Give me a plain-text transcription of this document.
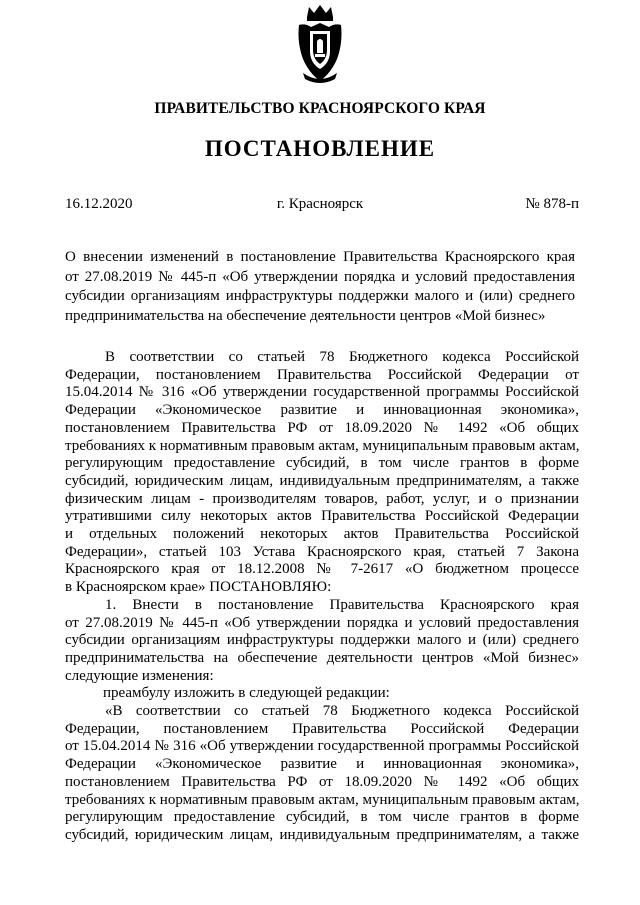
ПРАВИТЕЛЬСТВО КРАСНОЯРСКОГО КРАЯ
ПОСТАНОВЛЕНИЕ
16.12.2020	г. Красноярск	№ 878-п
О внесении изменений в постановление Правительства Красноярского края
от 27.08.2019 № 445-п «Об утверждении порядка и условий предоставления
субсидии организациям инфраструктуры поддержки малого и (или) среднего
предпринимательства на обеспечение деятельности центров «Мой бизнес»
В соответствии со статьей 78 Бюджетного кодекса Российской
Федерации, постановлением Правительства Российской Федерации от
15.04.2014 № 316 «Об утверждении государственной программы Российской
Федерации «Экономическое развитие и инновационная экономика»,
постановлением Правительства РФ от 18.09.2020 № 1492 «Об общих
требованиях к нормативным правовым актам, муниципальным правовым актам,
регулирующим предоставление субсидий, в том числе грантов в форме
субсидий, юридическим лицам, индивидуальным предпринимателям, а также
физическим лицам - производителям товаров, работ, услуг, и о признании
утратившими силу некоторых актов Правительства Российской Федерации
и отдельных положений некоторых актов Правительства Российской
Федерации», статьей 103 Устава Красноярского края, статьей 7 Закона
Красноярского края от 18.12.2008 № 7-2617 «О бюджетном процессе
в Красноярском крае» ПОСТАНОВЛЯЮ:
1. Внести в постановление Правительства Красноярского края
от 27.08.2019 № 445-п «Об утверждении порядка и условий предоставления
субсидии организациям инфраструктуры поддержки малого и (или) среднего
предпринимательства на обеспечение деятельности центров «Мой бизнес»
следующие изменения:
преамбулу изложить в следующей редакции:
«В соответствии со статьей 78 Бюджетного кодекса Российской
Федерации, постановлением Правительства Российской Федерации
от 15.04.2014 № 316 «Об утверждении государственной программы Российской
Федерации «Экономическое развитие и инновационная экономика»,
постановлением Правительства РФ от 18.09.2020 № 1492 «Об общих
требованиях к нормативным правовым актам, муниципальным правовым актам,
регулирующим предоставление субсидий, в том числе грантов в форме
субсидий, юридическим лицам, индивидуальным предпринимателям, а также
